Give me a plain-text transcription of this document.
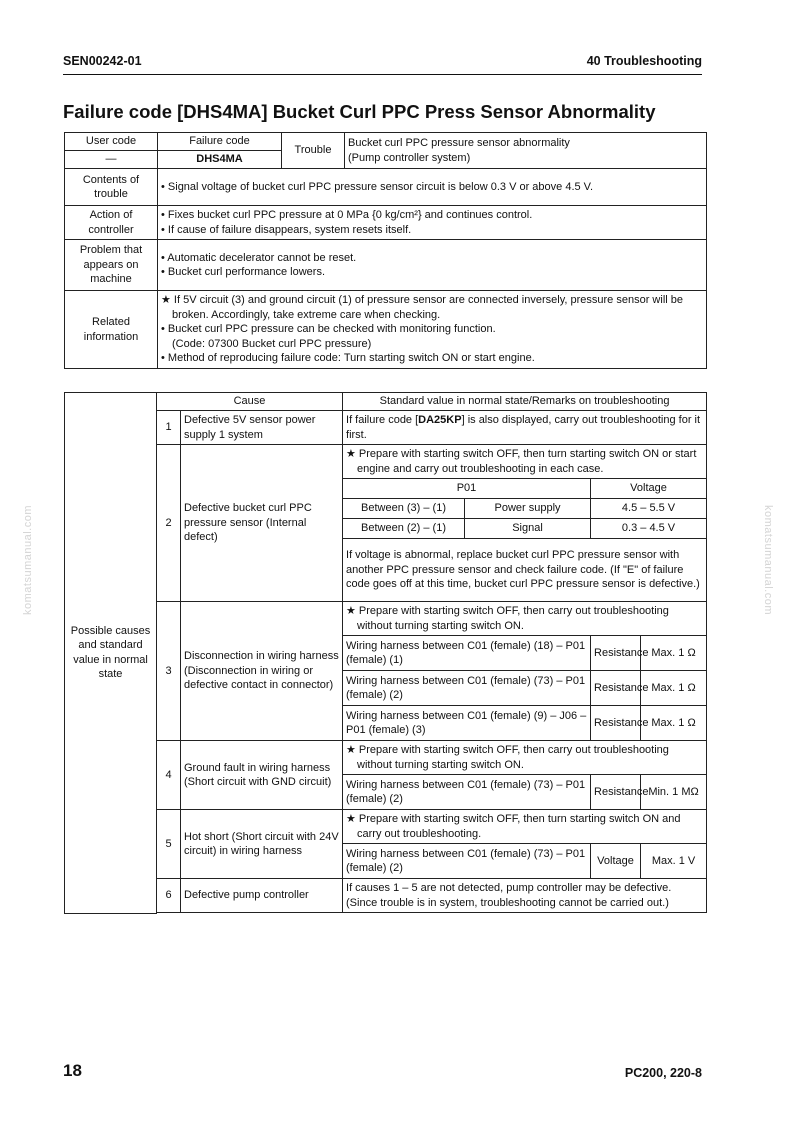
SEN00242-01	40 Troubleshooting
Failure code [DHS4MA] Bucket Curl PPC Press Sensor Abnormality
komatsumanual.com	komatsumanual.com
User code	Failure code	Trouble	Bucket curl PPC pressure sensor abnormality
(Pump controller system)

—	DHS4MA		
Contents of trouble	• Signal voltage of bucket curl PPC pressure sensor circuit is below 0.3 V or above 4.5 V.		

Action of controller	• Fixes bucket curl PPC pressure at 0 MPa {0 kg/cm²} and continues control.
• If cause of failure disappears, system resets itself.		

Problem that appears on machine	• Automatic decelerator cannot be reset.
• Bucket curl performance lowers.		

Related information	★ If 5V circuit (3) and ground circuit (1) of pressure sensor are connected inversely, pressure sensor will be broken. Accordingly, take extreme care when checking.
• Bucket curl PPC pressure can be checked with monitoring function.
(Code: 07300 Bucket curl PPC pressure)
• Method of reproducing failure code: Turn starting switch ON or start engine.		
Possible causes and standard value in normal state	Cause		Standard value in normal state/Remarks on troubleshooting			
	1	Defective 5V sensor power supply 1 system	If failure code [DA25KP] is also displayed, carry out troubleshooting for it first.			
	2	Defective bucket curl PPC pressure sensor (Internal defect)	★ Prepare with starting switch OFF, then turn starting switch ON or start engine and carry out troubleshooting in each case.			

			P01		Voltage	
			Between (3) – (1)	Power supply	4.5 – 5.5 V	
			Between (2) – (1)	Signal	0.3 – 4.5 V	
			If voltage is abnormal, replace bucket curl PPC pressure sensor with another PPC pressure sensor and check failure code. (If "E" of failure code goes off at this time, bucket curl PPC pressure sensor is defective.)			
	3	Disconnection in wiring harness (Disconnection in wiring or defective contact in connector)	★ Prepare with starting switch OFF, then carry out troubleshooting without turning starting switch ON.			

			Wiring harness between C01 (female) (18) – P01 (female) (1)		Resistance	Max. 1 Ω
			Wiring harness between C01 (female) (73) – P01 (female) (2)		Resistance	Max. 1 Ω
			Wiring harness between C01 (female) (9) – J06 – P01 (female) (3)		Resistance	Max. 1 Ω
	4	Ground fault in wiring harness (Short circuit with GND circuit)	★ Prepare with starting switch OFF, then carry out troubleshooting without turning starting switch ON.			

			Wiring harness between C01 (female) (73) – P01 (female) (2)		Resistance	Min. 1 MΩ
	5	Hot short (Short circuit with 24V circuit) in wiring harness	★ Prepare with starting switch OFF, then turn starting switch ON and carry out troubleshooting.			

			Wiring harness between C01 (female) (73) – P01 (female) (2)		Voltage	Max. 1 V
	6	Defective pump controller	If causes 1 – 5 are not detected, pump controller may be defective. (Since trouble is in system, troubleshooting cannot be carried out.)			

18	PC200, 220-8
